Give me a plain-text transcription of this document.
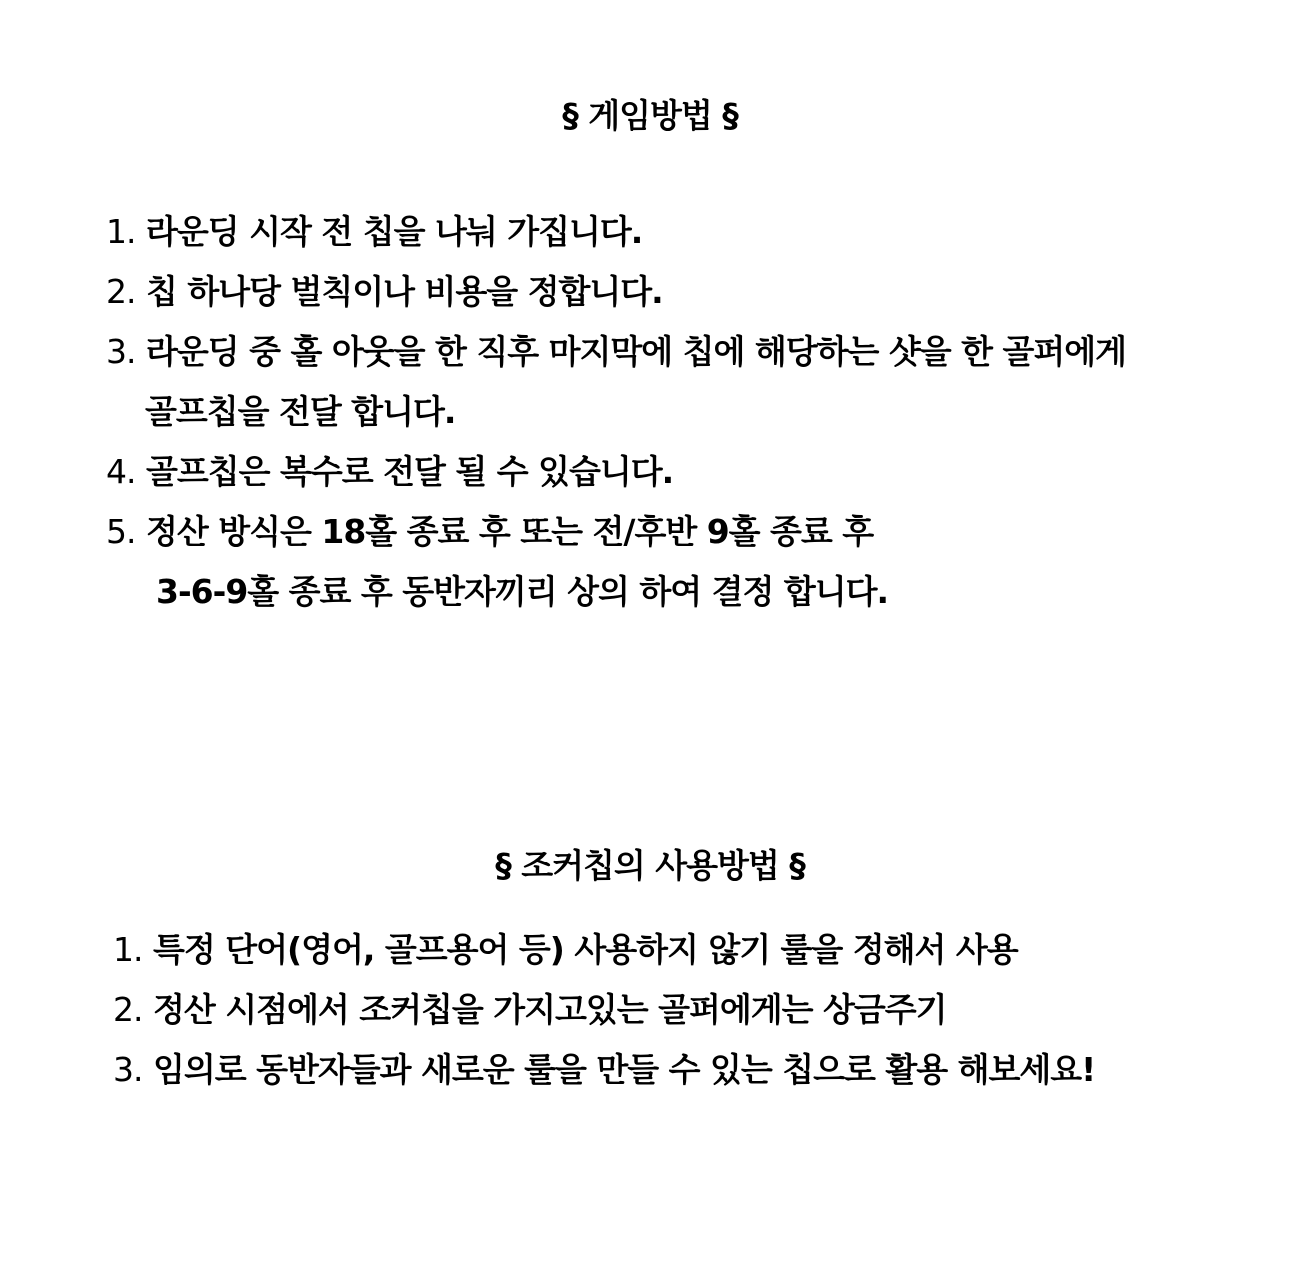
§ 게임방법 §
1. 라운딩 시작 전 칩을 나눠 가집니다.
2. 칩 하나당 벌칙이나 비용을 정합니다.
3. 라운딩 중 홀 아웃을 한 직후 마지막에 칩에 해당하는 샷을 한 골퍼에게
골프칩을 전달 합니다.
4. 골프칩은 복수로 전달 될 수 있습니다.
5. 정산 방식은 18홀 종료 후 또는 전/후반 9홀 종료 후
3-6-9홀 종료 후 동반자끼리 상의 하여 결정 합니다.
§ 조커칩의 사용방법 §
1. 특정 단어(영어, 골프용어 등) 사용하지 않기 룰을 정해서 사용
2. 정산 시점에서 조커칩을 가지고있는 골퍼에게는 상금주기
3. 임의로 동반자들과 새로운 룰을 만들 수 있는 칩으로 활용 해보세요!
